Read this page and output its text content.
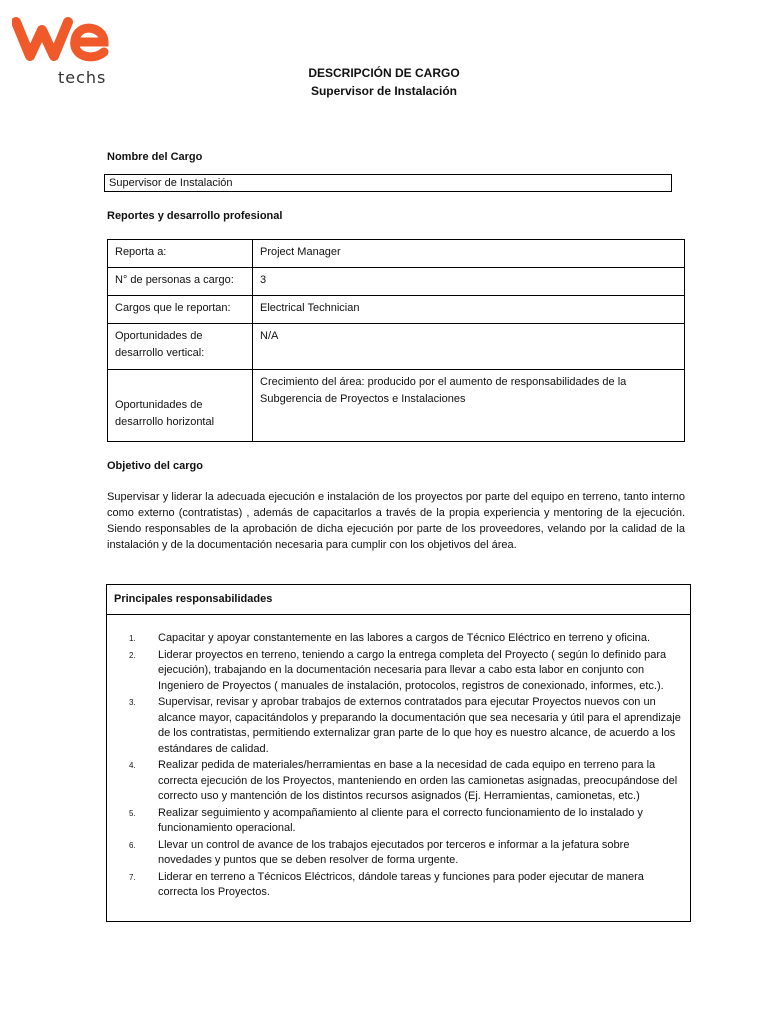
techs	DESCRIPCIÓN DE CARGO
Supervisor de Instalación
Nombre del Cargo
Supervisor de Instalación
Reportes y desarrollo profesional
Reporta a:	Project Manager
N° de personas a cargo:	3
Cargos que le reportan:	Electrical Technician
Oportunidades de desarrollo vertical:	N/A
Oportunidades de desarrollo horizontal	Crecimiento del área: producido por el aumento de responsabilidades de la Subgerencia de Proyectos e Instalaciones
Objetivo del cargo
Supervisar y liderar la adecuada ejecución e instalación de los proyectos por parte del equipo en terreno, tanto interno como externo (contratistas) , además de capacitarlos a través de la propia experiencia y mentoring de la ejecución. Siendo responsables de la aprobación de dicha ejecución por parte de los proveedores, velando por la calidad de la instalación y de la documentación necesaria para cumplir con los objetivos del área.
Principales responsabilidades
1.	Capacitar y apoyar constantemente en las labores a cargos de Técnico Eléctrico en terreno y oficina.
2.	Liderar proyectos en terreno, teniendo a cargo la entrega completa del Proyecto ( según lo definido para ejecución), trabajando en la documentación necesaria para llevar a cabo esta labor en conjunto con Ingeniero de Proyectos ( manuales de instalación, protocolos, registros de conexionado, informes, etc.).
3.	Supervisar, revisar y aprobar trabajos de externos contratados para ejecutar Proyectos nuevos con un alcance mayor, capacitándolos y preparando la documentación que sea necesaria y útil para el aprendizaje de los contratistas, permitiendo externalizar gran parte de lo que hoy es nuestro alcance, de acuerdo a los estándares de calidad.
4.	Realizar pedida de materiales/herramientas en base a la necesidad de cada equipo en terreno para la correcta ejecución de los Proyectos, manteniendo en orden las camionetas asignadas, preocupándose del correcto uso y mantención de los distintos recursos asignados (Ej. Herramientas, camionetas, etc.)
5.	Realizar seguimiento y acompañamiento al cliente para el correcto funcionamiento de lo instalado y funcionamiento operacional.
6.	Llevar un control de avance de los trabajos ejecutados por terceros e informar a la jefatura sobre novedades y puntos que se deben resolver de forma urgente.
7.	Liderar en terreno a Técnicos Eléctricos, dándole tareas y funciones para poder ejecutar de manera correcta los Proyectos.
